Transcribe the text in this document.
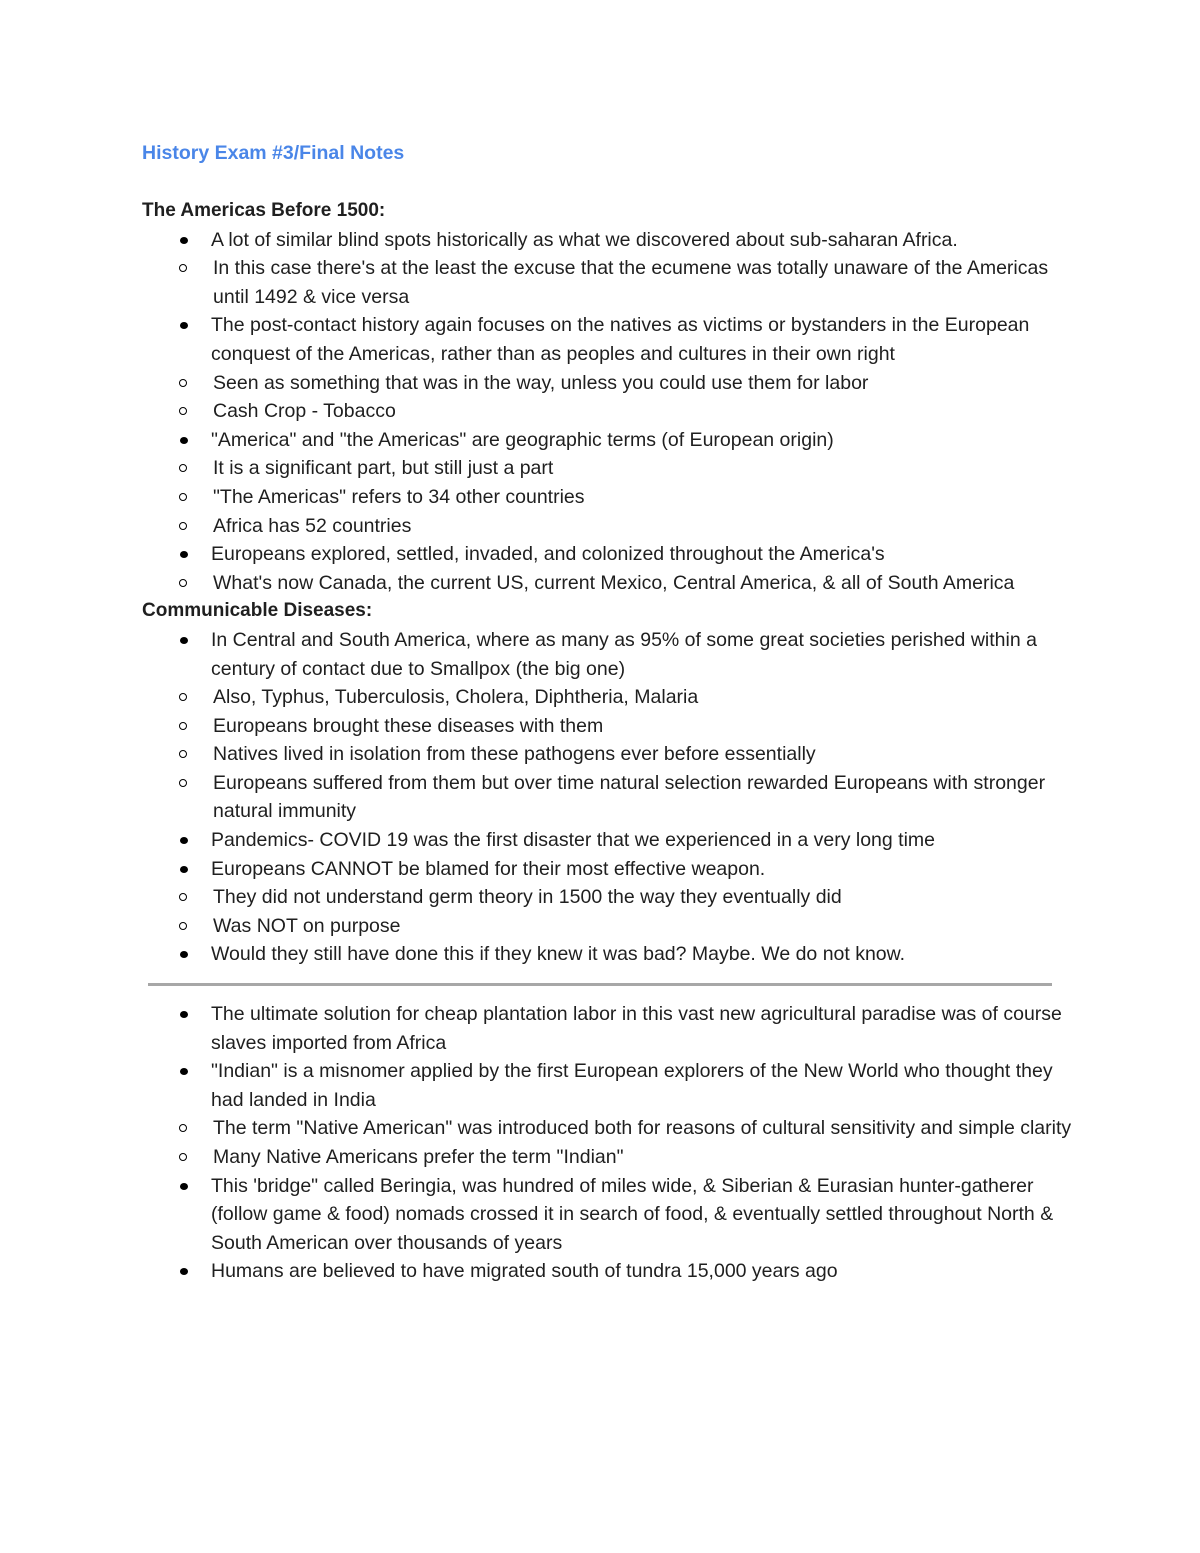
History Exam #3/Final Notes
The Americas Before 1500:
A lot of similar blind spots historically as what we discovered about sub-saharan Africa.
In this case there's at the least the excuse that the ecumene was totally unaware of the Americas until 1492 & vice versa
The post-contact history again focuses on the natives as victims or bystanders in the European conquest of the Americas, rather than as peoples and cultures in their own right
Seen as something that was in the way, unless you could use them for labor
Cash Crop - Tobacco
"America" and "the Americas" are geographic terms (of European origin)
It is a significant part, but still just a part
"The Americas" refers to 34 other countries
Africa has 52 countries
Europeans explored, settled, invaded, and colonized throughout the America's
What's now Canada, the current US, current Mexico, Central America, & all of South America
Communicable Diseases:
In Central and South America, where as many as 95% of some great societies perished within a century of contact due to Smallpox (the big one)
Also, Typhus, Tuberculosis, Cholera, Diphtheria, Malaria
Europeans brought these diseases with them
Natives lived in isolation from these pathogens ever before essentially
Europeans suffered from them but over time natural selection rewarded Europeans with stronger natural immunity
Pandemics- COVID 19 was the first disaster that we experienced in a very long time
Europeans CANNOT be blamed for their most effective weapon.
They did not understand germ theory in 1500 the way they eventually did
Was NOT on purpose
Would they still have done this if they knew it was bad? Maybe. We do not know.
The ultimate solution for cheap plantation labor in this vast new agricultural paradise was of course slaves imported from Africa
"Indian" is a misnomer applied by the first European explorers of the New World who thought they had landed in India
The term "Native American" was introduced both for reasons of cultural sensitivity and simple clarity
Many Native Americans prefer the term "Indian"
This 'bridge" called Beringia, was hundred of miles wide, & Siberian & Eurasian hunter-gatherer (follow game & food) nomads crossed it in search of food, & eventually settled throughout North & South American over thousands of years
Humans are believed to have migrated south of tundra 15,000 years ago
